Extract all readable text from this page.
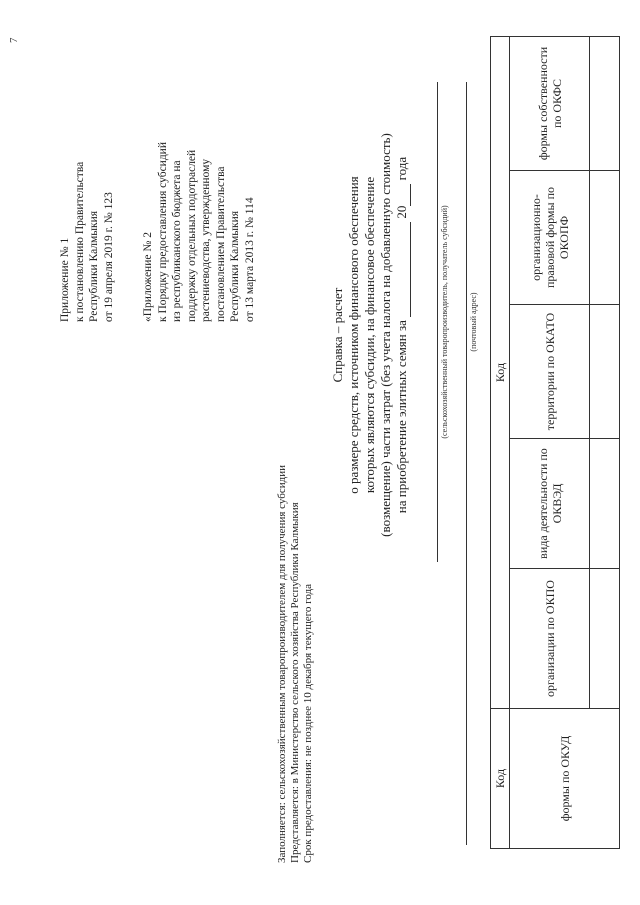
7
Приложение № 1 к постановлению Правительства Республики Калмыкия от 19 апреля 2019 г. № 123 «Приложение № 2 к Порядку предоставления субсидий из республиканского бюджета на поддержку отдельных подотраслей растениеводства, утвержденному постановлением Правительства Республики Калмыкия от 13 марта 2013 г. № 114
Заполняется: сельскохозяйственным товаропроизводителем для получения субсидии Представляется: в Министерство сельского хозяйства Республики Калмыкия Срок предоставления: не позднее 10 декабря текущего года
Справка – расчет о размере средств, источником финансового обеспечения которых являются субсидии, на финансовое обеспечение (возмещение) части затрат (без учета налога на добавленную стоимость) на приобретение элитных семян за   20  года
(сельскохозяйственный товаропроизводитель, получатель субсидий)	(почтовый адрес)
Код	Код				
формы по ОКУД	организации по ОКПО	вида деятельности по ОКВЭД	территории по ОКАТО	организационно-правовой формы по ОКОПФ	формы собственности по ОКФС
